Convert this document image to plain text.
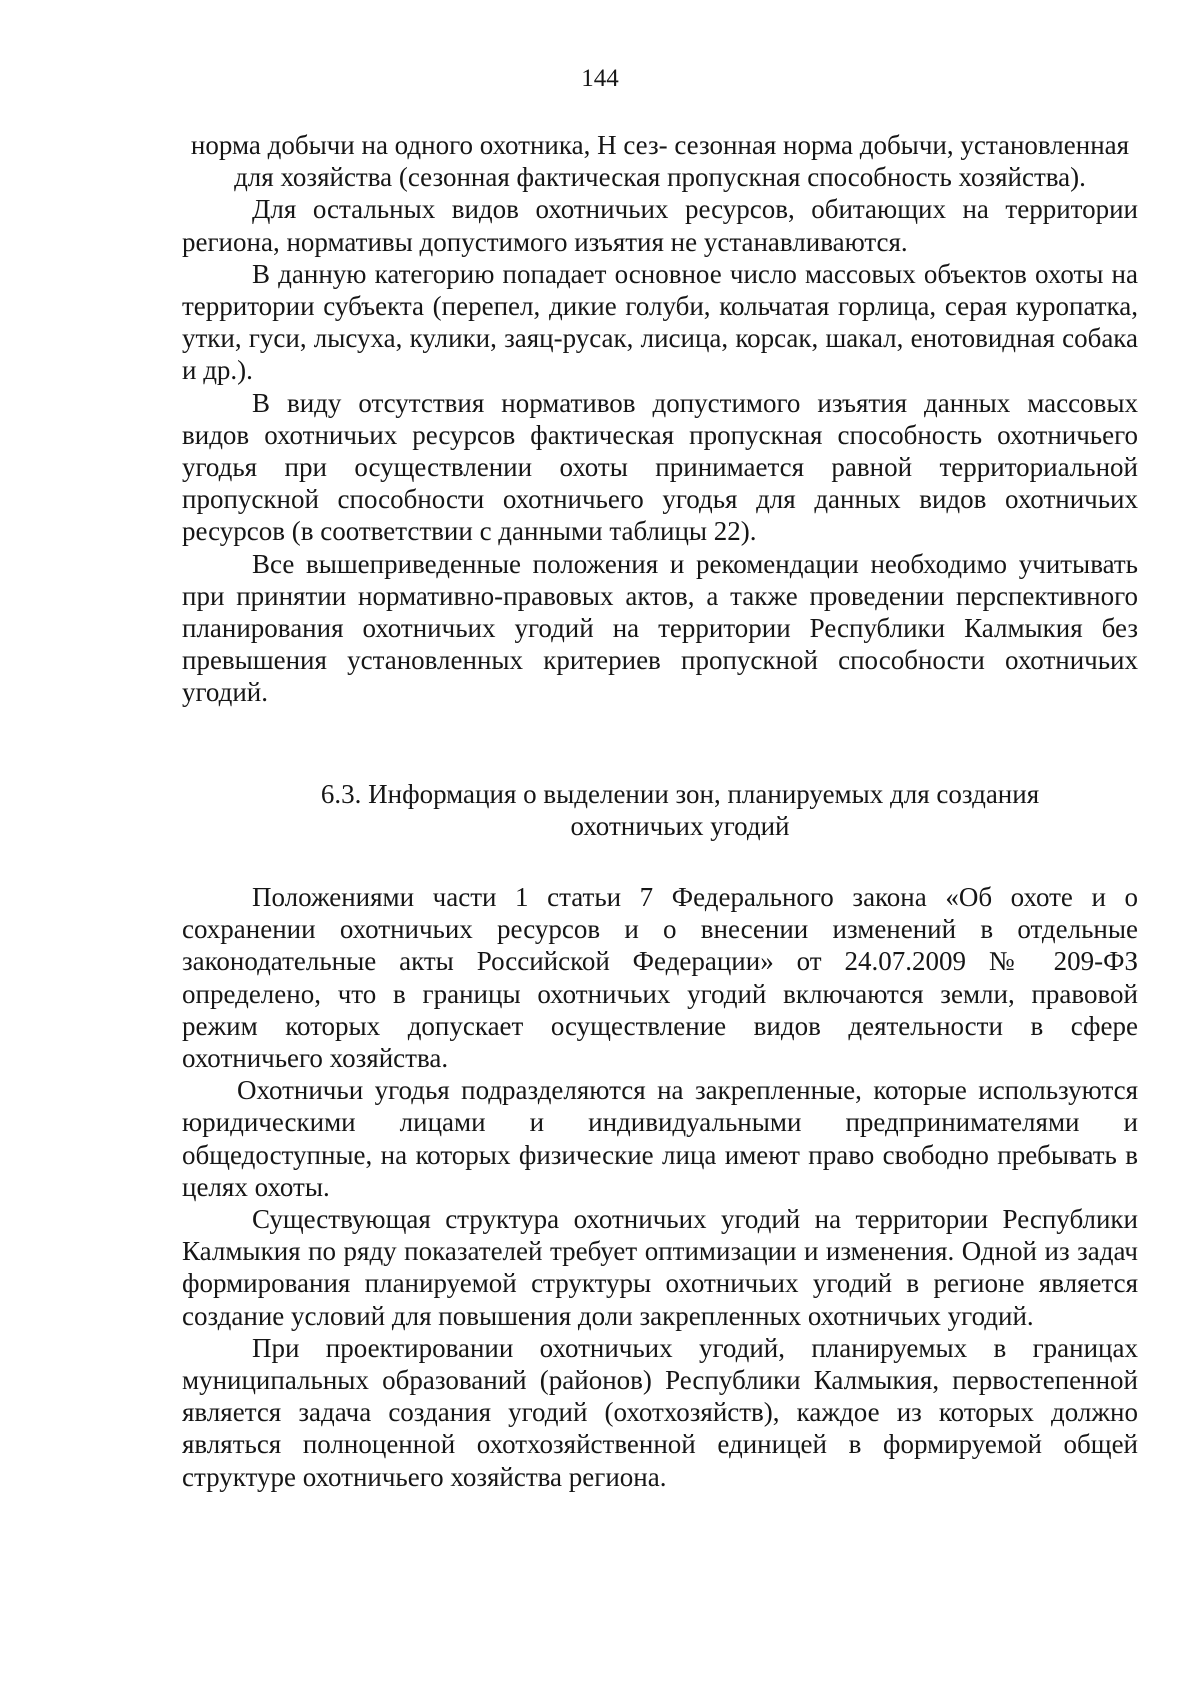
144

норма добычи на одного охотника, Н сез- сезонная норма добычи, установленная для хозяйства (сезонная фактическая пропускная способность хозяйства).

Для остальных видов охотничьих ресурсов, обитающих на территории региона, нормативы допустимого изъятия не устанавливаются.

В данную категорию попадает основное число массовых объектов охоты на территории субъекта (перепел, дикие голуби, кольчатая горлица, серая куропатка, утки, гуси, лысуха, кулики, заяц-русак, лисица, корсак, шакал, енотовидная собака и др.).

В виду отсутствия нормативов допустимого изъятия данных массовых видов охотничьих ресурсов фактическая пропускная способность охотничьего угодья при осуществлении охоты принимается равной территориальной пропускной способности охотничьего угодья для данных видов охотничьих ресурсов (в соответствии с данными таблицы 22).

Все вышеприведенные положения и рекомендации необходимо учитывать при принятии нормативно-правовых актов, а также проведении перспективного планирования охотничьих угодий на территории Республики Калмыкия без превышения установленных критериев пропускной способности охотничьих угодий.

6.3. Информация о выделении зон, планируемых для создания
охотничьих угодий

Положениями части 1 статьи 7 Федерального закона «Об охоте и о сохранении охотничьих ресурсов и о внесении изменений в отдельные законодательные акты Российской Федерации» от 24.07.2009 № 209-ФЗ определено, что в границы охотничьих угодий включаются земли, правовой режим которых допускает осуществление видов деятельности в сфере охотничьего хозяйства.

Охотничьи угодья подразделяются на закрепленные, которые используются юридическими лицами и индивидуальными предпринимателями и общедоступные, на которых физические лица имеют право свободно пребывать в целях охоты.

Существующая структура охотничьих угодий на территории Республики Калмыкия по ряду показателей требует оптимизации и изменения. Одной из задач формирования планируемой структуры охотничьих угодий в регионе является создание условий для повышения доли закрепленных охотничьих угодий.

При проектировании охотничьих угодий, планируемых в границах муниципальных образований (районов) Республики Калмыкия, первостепенной является задача создания угодий (охотхозяйств), каждое из которых должно являться полноценной охотхозяйственной единицей в формируемой общей структуре охотничьего хозяйства региона.
